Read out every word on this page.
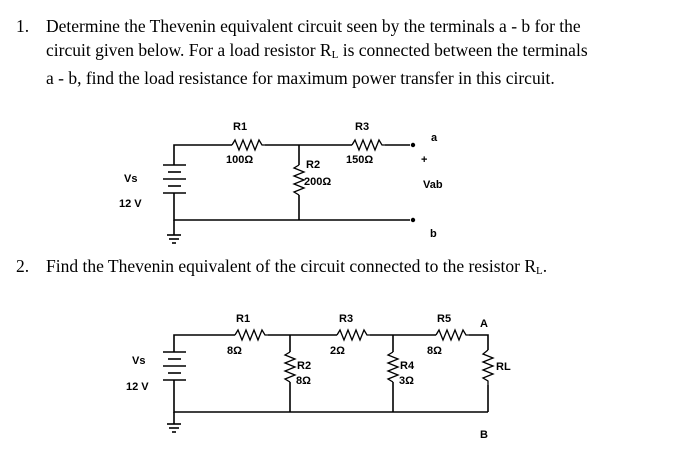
1. Determine the Thevenin equivalent circuit seen by the terminals a - b for the
circuit given below. For a load resistor $R_L$ is connected between the terminals
a - b, find the load resistance for maximum power transfer in this circuit.
Vs
12 V
R1
100Ω
R3
150Ω
R2
200Ω
a
+
Vab
b
2. Find the Thevenin equivalent of the circuit connected to the resistor $R_L$.
Vs
12 V
R1
8Ω
R3
2Ω
R5
8Ω
R2
8Ω
R4
3Ω
RL
A
B
